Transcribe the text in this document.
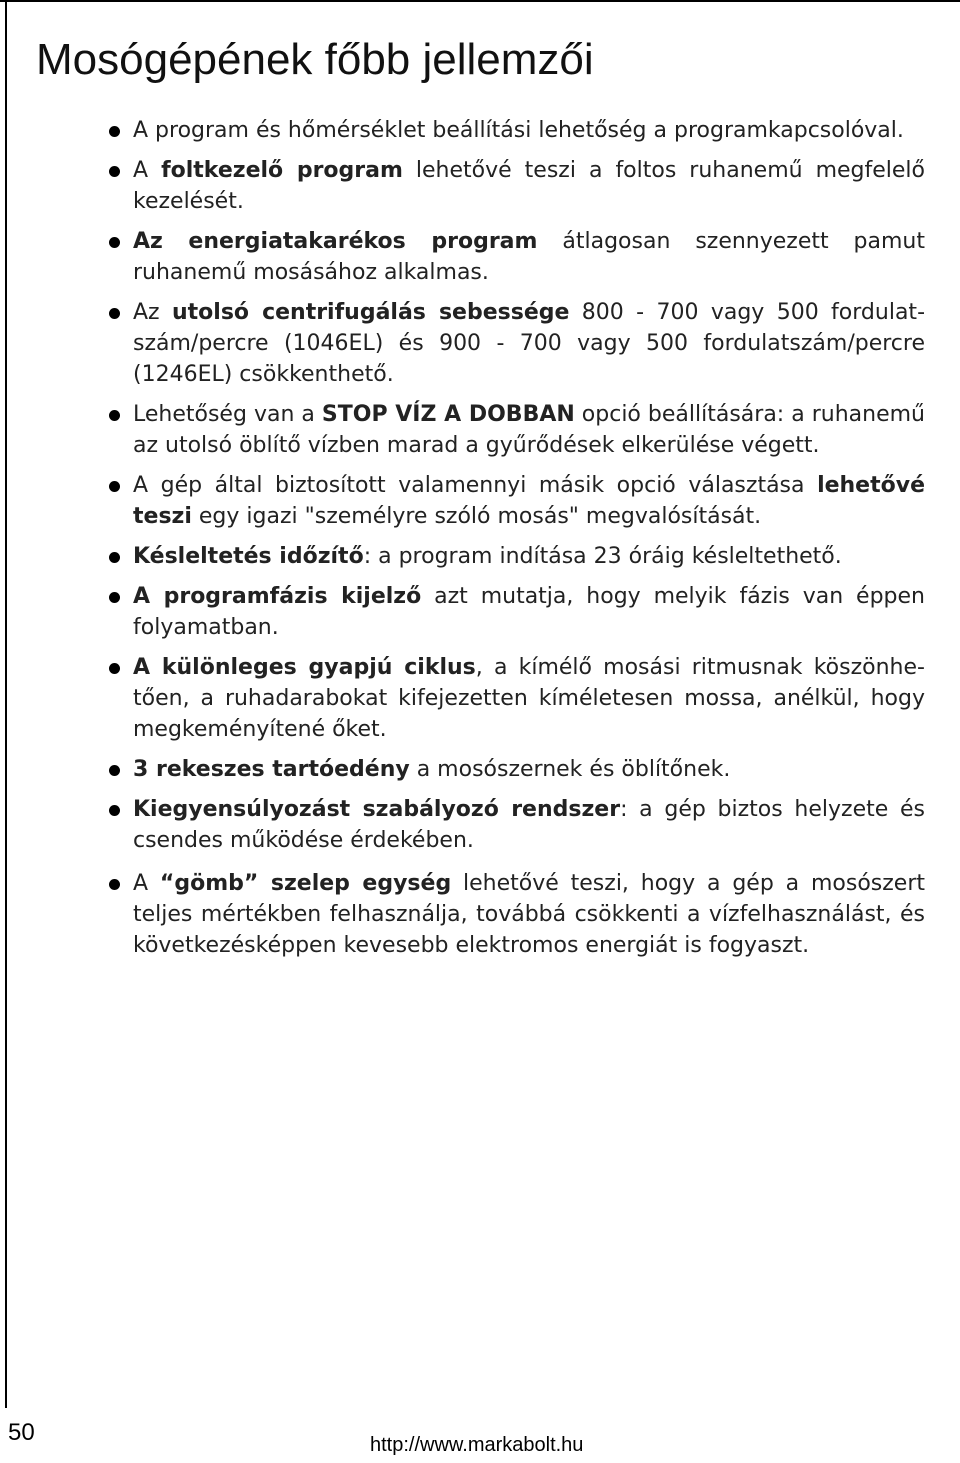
Mosógépének főbb jellemzői
A program és hőmérséklet beállítási lehetőség a programkapcsolóval.
A foltkezelő program lehetővé teszi a foltos ruhanemű megfelelő kezelését.
Az energiatakarékos program átlagosan szennyezett pamut ruhanemű mosásához alkalmas.
Az utolsó centrifugálás sebessége 800 - 700 vagy 500 fordulatszám/percre (1046EL) és 900 - 700 vagy 500 fordulatszám/percre (1246EL) csökkenthető.
Lehetőség van a STOP VÍZ A DOBBAN opció beállítására: a ruhanemű az utolsó öblítő vízben marad a gyűrődések elkerülése végett.
A gép által biztosított valamennyi másik opció választása lehetővé teszi egy igazi "személyre szóló mosás" megvalósítását.
Késleltetés időzítő: a program indítása 23 óráig késleltethető.
A programfázis kijelző azt mutatja, hogy melyik fázis van éppen folyamatban.
A különleges gyapjú ciklus, a kímélő mosási ritmusnak köszönhetően, a ruhadarabokat kifejezetten kíméletesen mossa, anélkül, hogy megkeményítené őket.
3 rekeszes tartóedény a mosószernek és öblítőnek.
Kiegyensúlyozást szabályozó rendszer: a gép biztos helyzete és csendes működése érdekében.
A “gömb” szelep egység lehetővé teszi, hogy a gép a mosószert teljes mértékben felhasználja, továbbá csökkenti a vízfelhasználást, és következésképpen kevesebb elektromos energiát is fogyaszt.
50	http://www.markabolt.hu
